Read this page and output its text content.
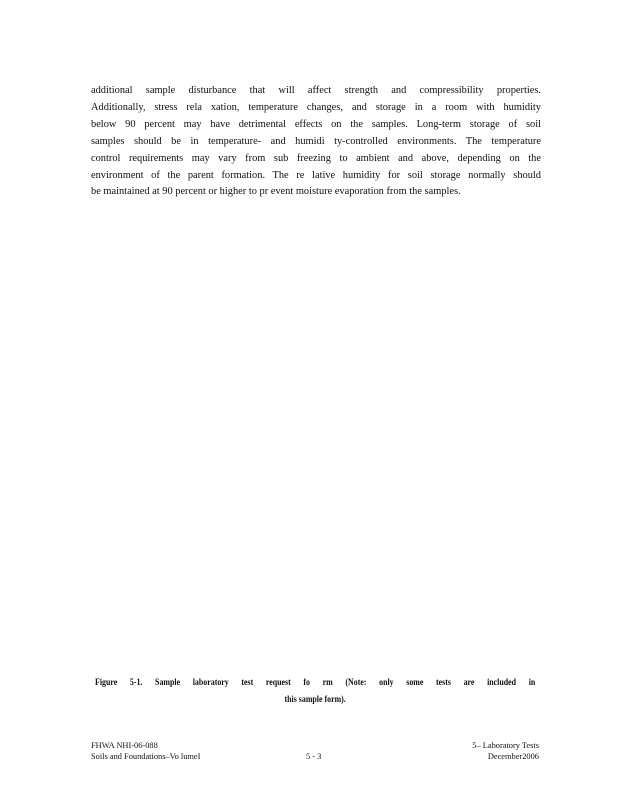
additional sample disturbance that will affect strength and compressibility properties.
Additionally, stress rela xation, temperature changes, and storage in a room with humidity
below 90 percent may have detrimental effects on the samples. Long-term storage of soil
samples should be in temperature- and humidi ty-controlled environments. The temperature
control requirements may vary from sub freezing to ambient and above, depending on the
environment of the parent formation. The re lative humidity for soil storage normally should
be maintained at 90 percent or higher to pr event moisture evaporation from the samples.
Figure 5-1. Sample laboratory test request fo rm (Note: only some tests are included in
this sample form).
FHWA NHI-06-088
Soils and Foundations–Vo lumeI	5 - 3
5– Laboratory Tests
December2006
